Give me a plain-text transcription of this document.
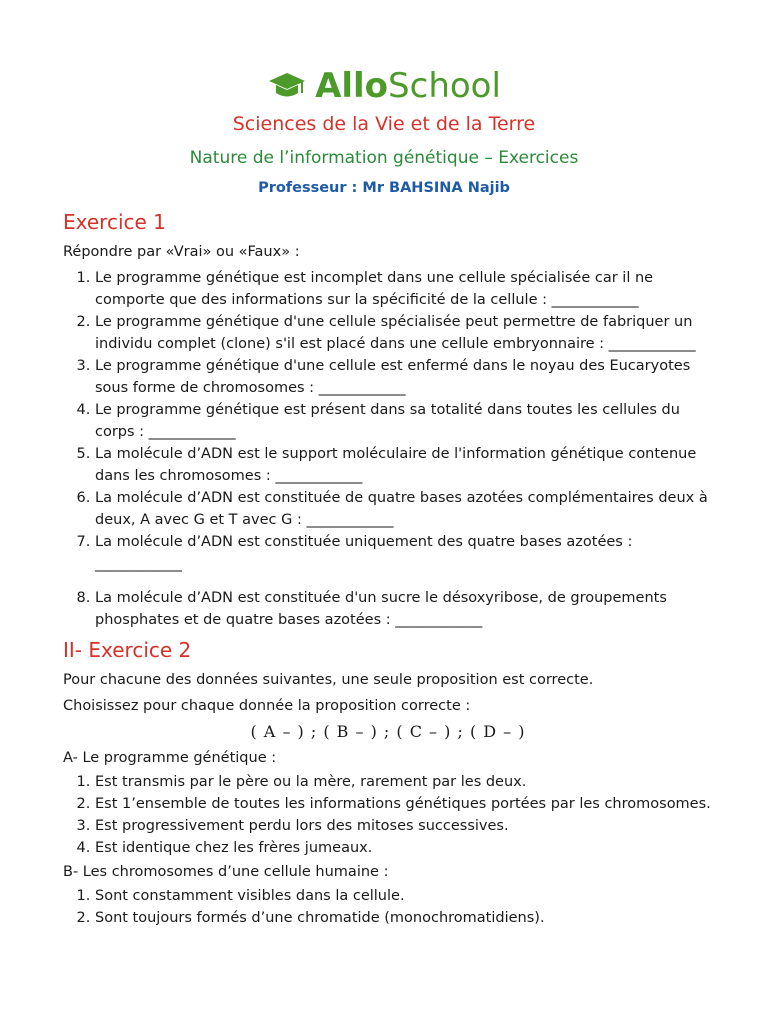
AlloSchool
Sciences de la Vie et de la Terre
Nature de l’information génétique – Exercices
Professeur : Mr BAHSINA Najib
Exercice 1

Répondre par «Vrai» ou «Faux» :

1. Le programme génétique est incomplet dans une cellule spécialisée car il ne comporte que des informations sur la spécificité de la cellule : ____________
2. Le programme génétique d'une cellule spécialisée peut permettre de fabriquer un individu complet (clone) s'il est placé dans une cellule embryonnaire : ____________
3. Le programme génétique d'une cellule est enfermé dans le noyau des Eucaryotes sous forme de chromosomes : ____________
4. Le programme génétique est présent dans sa totalité dans toutes les cellules du corps : ____________
5. La molécule d’ADN est le support moléculaire de l'information génétique contenue dans les chromosomes : ____________
6. La molécule d’ADN est constituée de quatre bases azotées complémentaires deux à deux, A avec G et T avec G : ____________
7. La molécule d’ADN est constituée uniquement des quatre bases azotées : ____________
8. La molécule d’ADN est constituée d'un sucre le désoxyribose, de groupements phosphates et de quatre bases azotées : ____________
II- Exercice 2

Pour chacune des données suivantes, une seule proposition est correcte.

Choisissez pour chaque donnée la proposition correcte :

( A – ) ; ( B – ) ; ( C – ) ; ( D – )

A- Le programme génétique :

1. Est transmis par le père ou la mère, rarement par les deux.
2. Est 1’ensemble de toutes les informations génétiques portées par les chromosomes.
3. Est progressivement perdu lors des mitoses successives.
4. Est identique chez les frères jumeaux.

B- Les chromosomes d’une cellule humaine :

1. Sont constamment visibles dans la cellule.
2. Sont toujours formés d’une chromatide (monochromatidiens).
